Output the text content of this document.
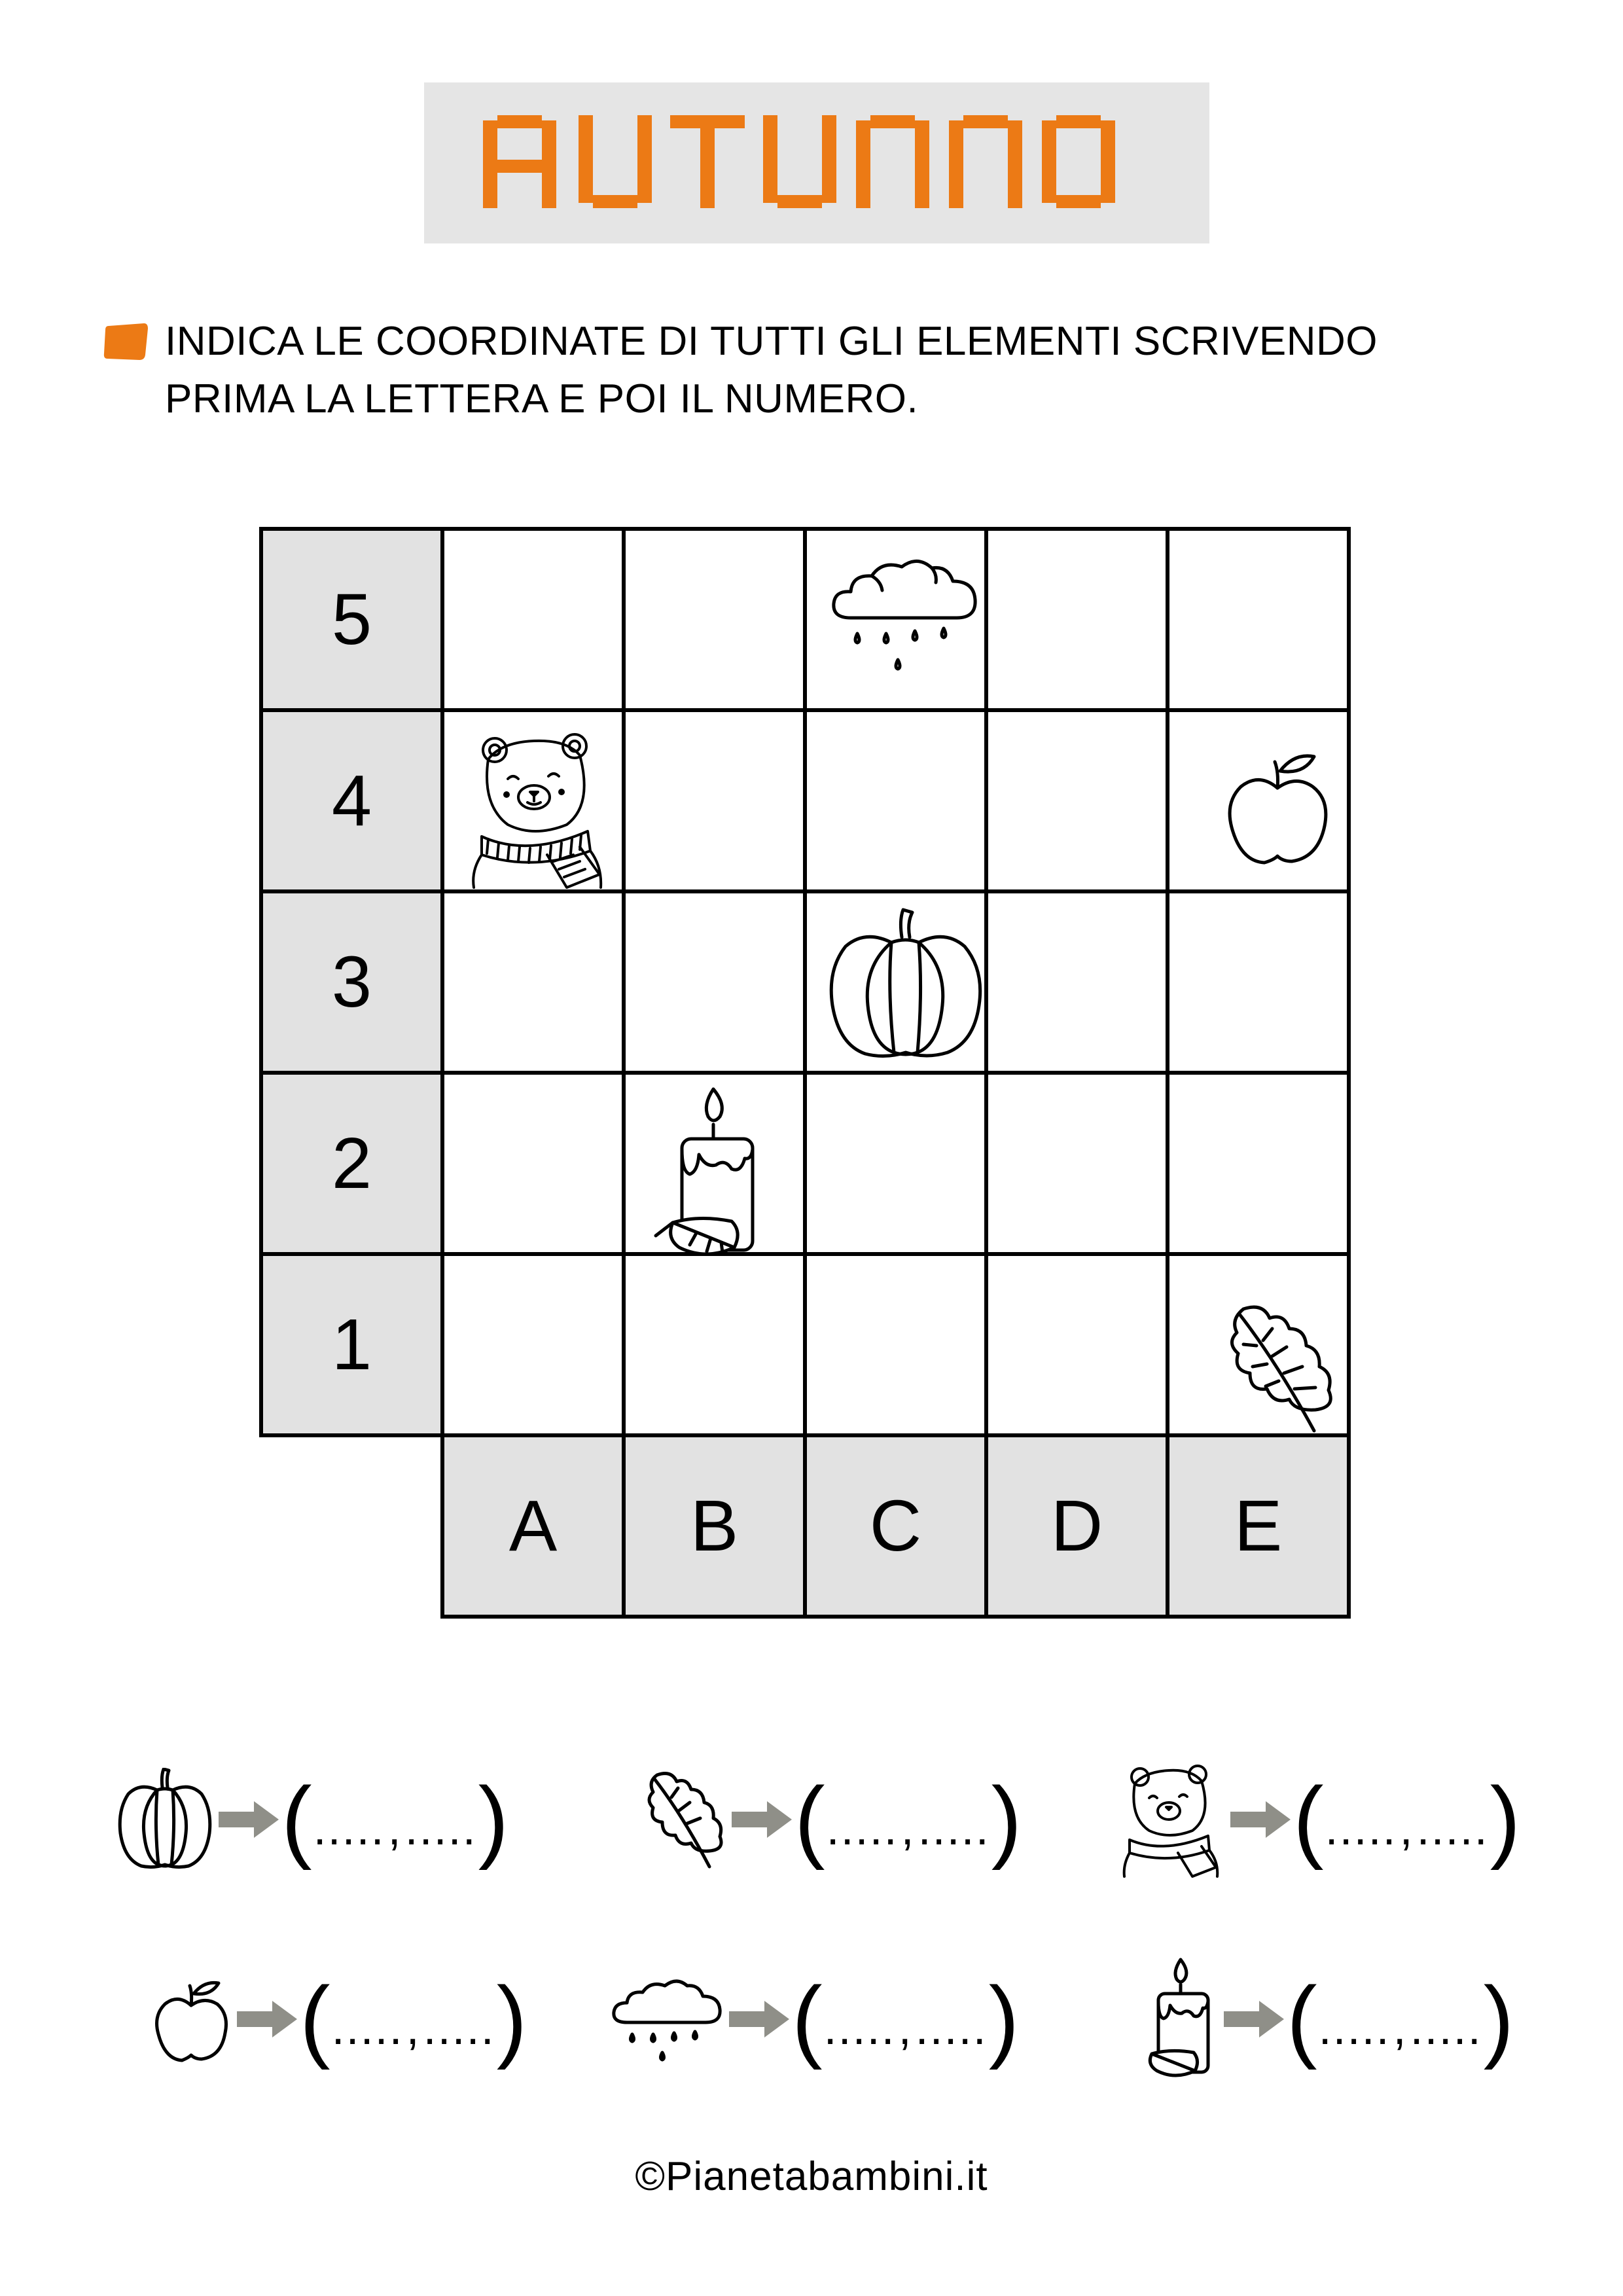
INDICA LE COORDINATE DI TUTTI GLI ELEMENTI SCRIVENDO
PRIMA LA LETTERA E POI IL NUMERO.
5
4
3
2
1
A	B	C	D	E
( ..... , ..... )	( ..... , ..... )	( ..... , ..... )
( ..... , ..... )	( ..... , ..... )	( ..... , ..... )
©Pianetabambini.it
